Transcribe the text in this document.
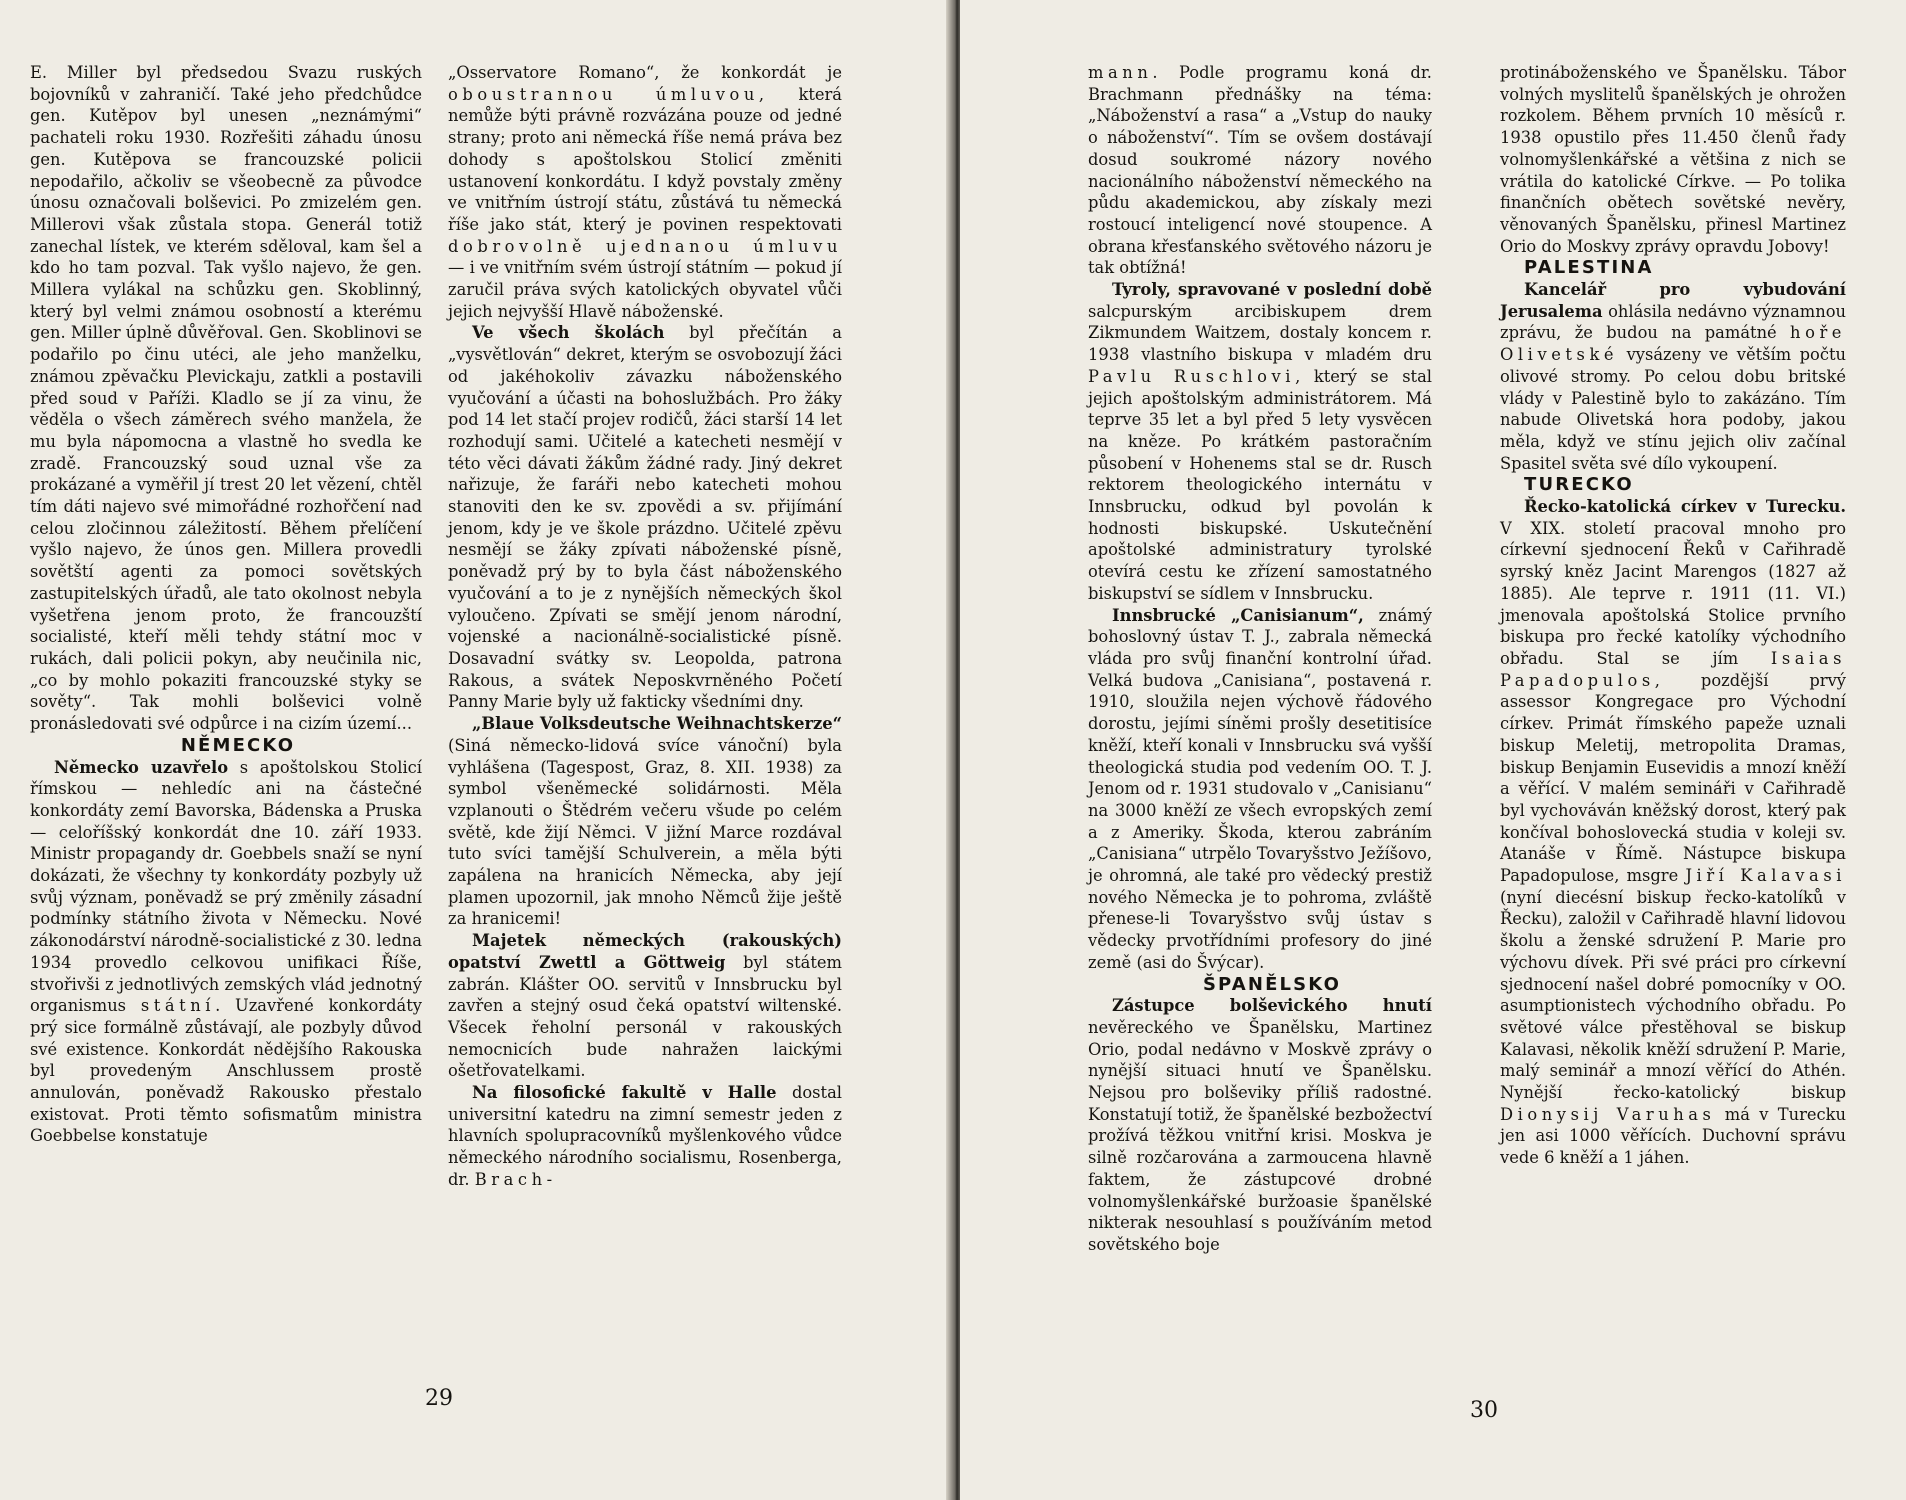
E. Miller byl předsedou Svazu ruských bojovníků v zahraničí. Také jeho předchůdce gen. Kutěpov byl unesen „neznámými“ pachateli roku 1930. Rozřešiti záhadu únosu gen. Kutěpova se francouzské policii nepodařilo, ačkoliv se všeobecně za původce únosu označovali bolševici. Po zmizelém gen. Millerovi však zůstala stopa. Generál totiž zanechal lístek, ve kterém sděloval, kam šel a kdo ho tam pozval. Tak vyšlo najevo, že gen. Millera vylákal na schůzku gen. Skoblinný, který byl velmi známou osobností a kterému gen. Miller úplně důvěřoval. Gen. Skoblinovi se podařilo po činu utéci, ale jeho manželku, známou zpěvačku Plevickaju, zatkli a postavili před soud v Paříži. Kladlo se jí za vinu, že věděla o všech záměrech svého manžela, že mu byla nápomocna a vlastně ho svedla ke zradě. Francouzský soud uznal vše za prokázané a vyměřil jí trest 20 let vězení, chtěl tím dáti najevo své mimořádné rozhořčení nad celou zločinnou záležitostí. Během přelíčení vyšlo najevo, že únos gen. Millera provedli sovětští agenti za pomoci sovětských zastupitelských úřadů, ale tato okolnost nebyla vyšetřena jenom proto, že francouzští socialisté, kteří měli tehdy státní moc v rukách, dali policii pokyn, aby neučinila nic, „co by mohlo pokaziti francouzské styky se sověty“. Tak mohli bolševici volně pronásledovati své odpůrce i na cizím území...

NĚMECKO

Německo uzavřelo s apoštolskou Stolicí římskou — nehledíc ani na částečné konkordáty zemí Bavorska, Bádenska a Pruska — celoříšský konkordát dne 10. září 1933. Ministr propagandy dr. Goebbels snaží se nyní dokázati, že všechny ty konkordáty pozbyly už svůj význam, poněvadž se prý změnily zásadní podmínky státního života v Německu. Nové zákonodárství národně-socialistické z 30. ledna 1934 provedlo celkovou unifikaci Říše, stvořivši z jednotlivých zemských vlád jednotný organismus státní. Uzavřené konkordáty prý sice formálně zůstávají, ale pozbyly důvod své existence. Konkordát nědějšího Rakouska byl provedeným Anschlussem prostě annulován, poněvadž Rakousko přestalo existovat. Proti těmto sofismatům ministra Goebbelse konstatuje

„Osservatore Romano“, že konkordát je oboustrannou úmluvou, která nemůže býti právně rozvázána pouze od jedné strany; proto ani německá říše nemá práva bez dohody s apoštolskou Stolicí změniti ustanovení konkordátu. I když povstaly změny ve vnitřním ústrojí státu, zůstává tu německá říše jako stát, který je povinen respektovati dobrovolně ujednanou úmluvu — i ve vnitřním svém ústrojí státním — pokud jí zaručil práva svých katolických obyvatel vůči jejich nejvyšší Hlavě náboženské.

Ve všech školách byl přečítán a „vysvětlován“ dekret, kterým se osvobozují žáci od jakéhokoliv závazku náboženského vyučování a účasti na bohoslužbách. Pro žáky pod 14 let stačí projev rodičů, žáci starší 14 let rozhodují sami. Učitelé a katecheti nesmějí v této věci dávati žákům žádné rady. Jiný dekret nařizuje, že faráři nebo katecheti mohou stanoviti den ke sv. zpovědi a sv. přijímání jenom, kdy je ve škole prázdno. Učitelé zpěvu nesmějí se žáky zpívati náboženské písně, poněvadž prý by to byla část náboženského vyučování a to je z nynějších německých škol vyloučeno. Zpívati se smějí jenom národní, vojenské a nacionálně-socialistické písně. Dosavadní svátky sv. Leopolda, patrona Rakous, a svátek Neposkvrněného Početí Panny Marie byly už fakticky všedními dny.

„Blaue Volksdeutsche Weihnachtskerze“ (Siná německo-lidová svíce vánoční) byla vyhlášena (Tagespost, Graz, 8. XII. 1938) za symbol všeněmecké solidárnosti. Měla vzplanouti o Štědrém večeru všude po celém světě, kde žijí Němci. V jižní Marce rozdával tuto svíci tamější Schulverein, a měla býti zapálena na hranicích Německa, aby její plamen upozornil, jak mnoho Němců žije ještě za hranicemi!

Majetek německých (rakouských) opatství Zwettl a Göttweig byl státem zabrán. Klášter OO. servitů v Innsbrucku byl zavřen a stejný osud čeká opatství wiltenské. Všecek řeholní personál v rakouských nemocnicích bude nahražen laickými ošetřovatelkami.

Na filosofické fakultě v Halle dostal universitní katedru na zimní semestr jeden z hlavních spolupracovníků myšlenkového vůdce německého národního socialismu, Rosenberga, dr. Brach-

29

mann. Podle programu koná dr. Brachmann přednášky na téma: „Náboženství a rasa“ a „Vstup do nauky o náboženství“. Tím se ovšem dostávají dosud soukromé názory nového nacionálního náboženství německého na půdu akademickou, aby získaly mezi rostoucí inteligencí nové stoupence. A obrana křesťanského světového názoru je tak obtížná!

Tyroly, spravované v poslední době salcpurským arcibiskupem drem Zikmundem Waitzem, dostaly koncem r. 1938 vlastního biskupa v mladém dru Pavlu Ruschlovi, který se stal jejich apoštolským administrátorem. Má teprve 35 let a byl před 5 lety vysvěcen na kněze. Po krátkém pastoračním působení v Hohenems stal se dr. Rusch rektorem theologického internátu v Innsbrucku, odkud byl povolán k hodnosti biskupské. Uskutečnění apoštolské administratury tyrolské otevírá cestu ke zřízení samostatného biskupství se sídlem v Innsbrucku.

Innsbrucké „Canisianum“, známý bohoslovný ústav T. J., zabrala německá vláda pro svůj finanční kontrolní úřad. Velká budova „Canisiana“, postavená r. 1910, sloužila nejen výchově řádového dorostu, jejími síněmi prošly desetitisíce kněží, kteří konali v Innsbrucku svá vyšší theologická studia pod vedením OO. T. J. Jenom od r. 1931 studovalo v „Canisianu“ na 3000 kněží ze všech evropských zemí a z Ameriky. Škoda, kterou zabráním „Canisiana“ utrpělo Tovaryšstvo Ježíšovo, je ohromná, ale také pro vědecký prestiž nového Německa je to pohroma, zvláště přenese-li Tovaryšstvo svůj ústav s vědecky prvotřídními profesory do jiné země (asi do Švýcar).

ŠPANĚLSKO

Zástupce bolševického hnutí nevěreckého ve Španělsku, Martinez Orio, podal nedávno v Moskvě zprávy o nynější situaci hnutí ve Španělsku. Nejsou pro bolševiky příliš radostné. Konstatují totiž, že španělské bezbožectví prožívá těžkou vnitřní krisi. Moskva je silně rozčarována a zarmoucena hlavně faktem, že zástupcové drobné volnomyšlenkářské buržoasie španělské nikterak nesouhlasí s používáním metod sovětského boje

protináboženského ve Španělsku. Tábor volných myslitelů španělských je ohrožen rozkolem. Během prvních 10 měsíců r. 1938 opustilo přes 11.450 členů řady volnomyšlenkářské a většina z nich se vrátila do katolické Církve. — Po tolika finančních obětech sovětské nevěry, věnovaných Španělsku, přinesl Martinez Orio do Moskvy zprávy opravdu Jobovy!

PALESTINA

Kancelář pro vybudování Jerusalema ohlásila nedávno významnou zprávu, že budou na památné hoře Olivetské vysázeny ve větším počtu olivové stromy. Po celou dobu britské vlády v Palestině bylo to zakázáno. Tím nabude Olivetská hora podoby, jakou měla, když ve stínu jejich oliv začínal Spasitel světa své dílo vykoupení.

TURECKO

Řecko-katolická církev v Turecku. V XIX. století pracoval mnoho pro církevní sjednocení Řeků v Cařihradě syrský kněz Jacint Marengos (1827 až 1885). Ale teprve r. 1911 (11. VI.) jmenovala apoštolská Stolice prvního biskupa pro řecké katolíky východního obřadu. Stal se jím Isaias Papadopulos, pozdější prvý assessor Kongregace pro Východní církev. Primát římského papeže uznali biskup Meletij, metropolita Dramas, biskup Benjamin Eusevidis a mnozí kněží a věřící. V malém semináři v Cařihradě byl vychováván kněžský dorost, který pak končíval bohoslovecká studia v koleji sv. Atanáše v Římě. Nástupce biskupa Papadopulose, msgre Jiří Kalavasi (nyní diecésní biskup řecko-katolíků v Řecku), založil v Cařihradě hlavní lidovou školu a ženské sdružení P. Marie pro výchovu dívek. Při své práci pro církevní sjednocení našel dobré pomocníky v OO. asumptionistech východního obřadu. Po světové válce přestěhoval se biskup Kalavasi, několik kněží sdružení P. Marie, malý seminář a mnozí věřící do Athén. Nynější řecko-katolický biskup Dionysij Varuhas má v Turecku jen asi 1000 věřících. Duchovní správu vede 6 kněží a 1 jáhen.

30
